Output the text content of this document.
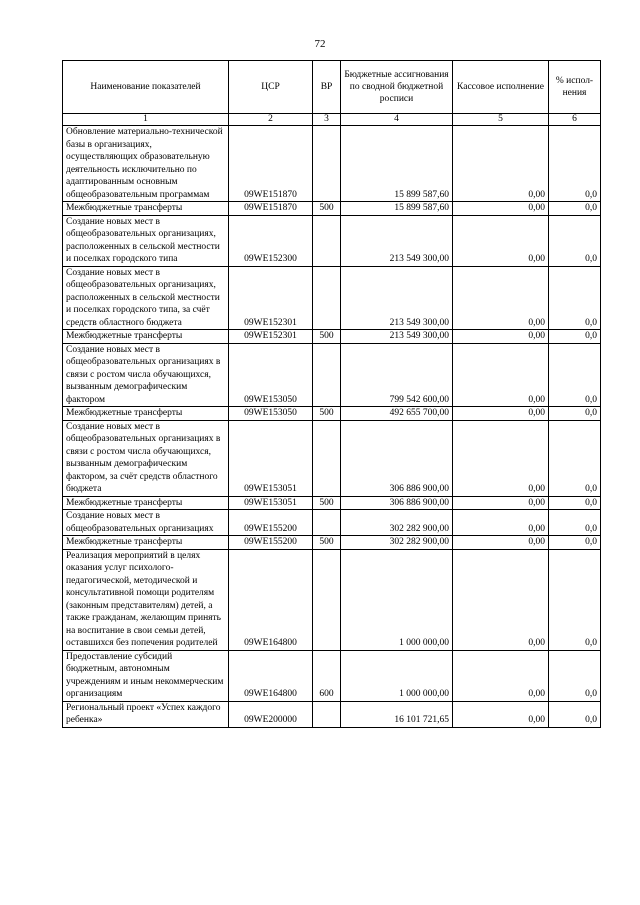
72
Наименование показателей	ЦСР	ВР	Бюджетные ассигнования по сводной бюджетной росписи	Кассовое исполнение	% испол-нения
1	2	3	4	5	6
Обновление материально-технической базы в организациях, осуществляющих образовательную деятельность исключительно по адаптированным основным общеобразовательным программам	09WE151870		15 899 587,60	0,00	0,0
Межбюджетные трансферты	09WE151870	500	15 899 587,60	0,00	0,0
Создание новых мест в общеобразовательных организациях, расположенных в сельской местности и поселках городского типа	09WE152300		213 549 300,00	0,00	0,0
Создание новых мест в общеобразовательных организациях, расположенных в сельской местности и поселках городского типа, за счёт средств областного бюджета	09WE152301		213 549 300,00	0,00	0,0
Межбюджетные трансферты	09WE152301	500	213 549 300,00	0,00	0,0
Создание новых мест в общеобразовательных организациях в связи с ростом числа обучающихся, вызванным демографическим фактором	09WE153050		799 542 600,00	0,00	0,0
Межбюджетные трансферты	09WE153050	500	492 655 700,00	0,00	0,0
Создание новых мест в общеобразовательных организациях в связи с ростом числа обучающихся, вызванным демографическим фактором, за счёт средств областного бюджета	09WE153051		306 886 900,00	0,00	0,0
Межбюджетные трансферты	09WE153051	500	306 886 900,00	0,00	0,0
Создание новых мест в общеобразовательных организациях	09WE155200		302 282 900,00	0,00	0,0
Межбюджетные трансферты	09WE155200	500	302 282 900,00	0,00	0,0
Реализация мероприятий в целях оказания услуг психолого-педагогической, методической и консультативной помощи родителям (законным представителям) детей, а также гражданам, желающим принять на воспитание в свои семьи детей, оставшихся без попечения родителей	09WE164800		1 000 000,00	0,00	0,0
Предоставление субсидий бюджетным, автономным учреждениям и иным некоммерческим организациям	09WE164800	600	1 000 000,00	0,00	0,0
Региональный проект «Успех каждого ребенка»	09WE200000		16 101 721,65	0,00	0,0
